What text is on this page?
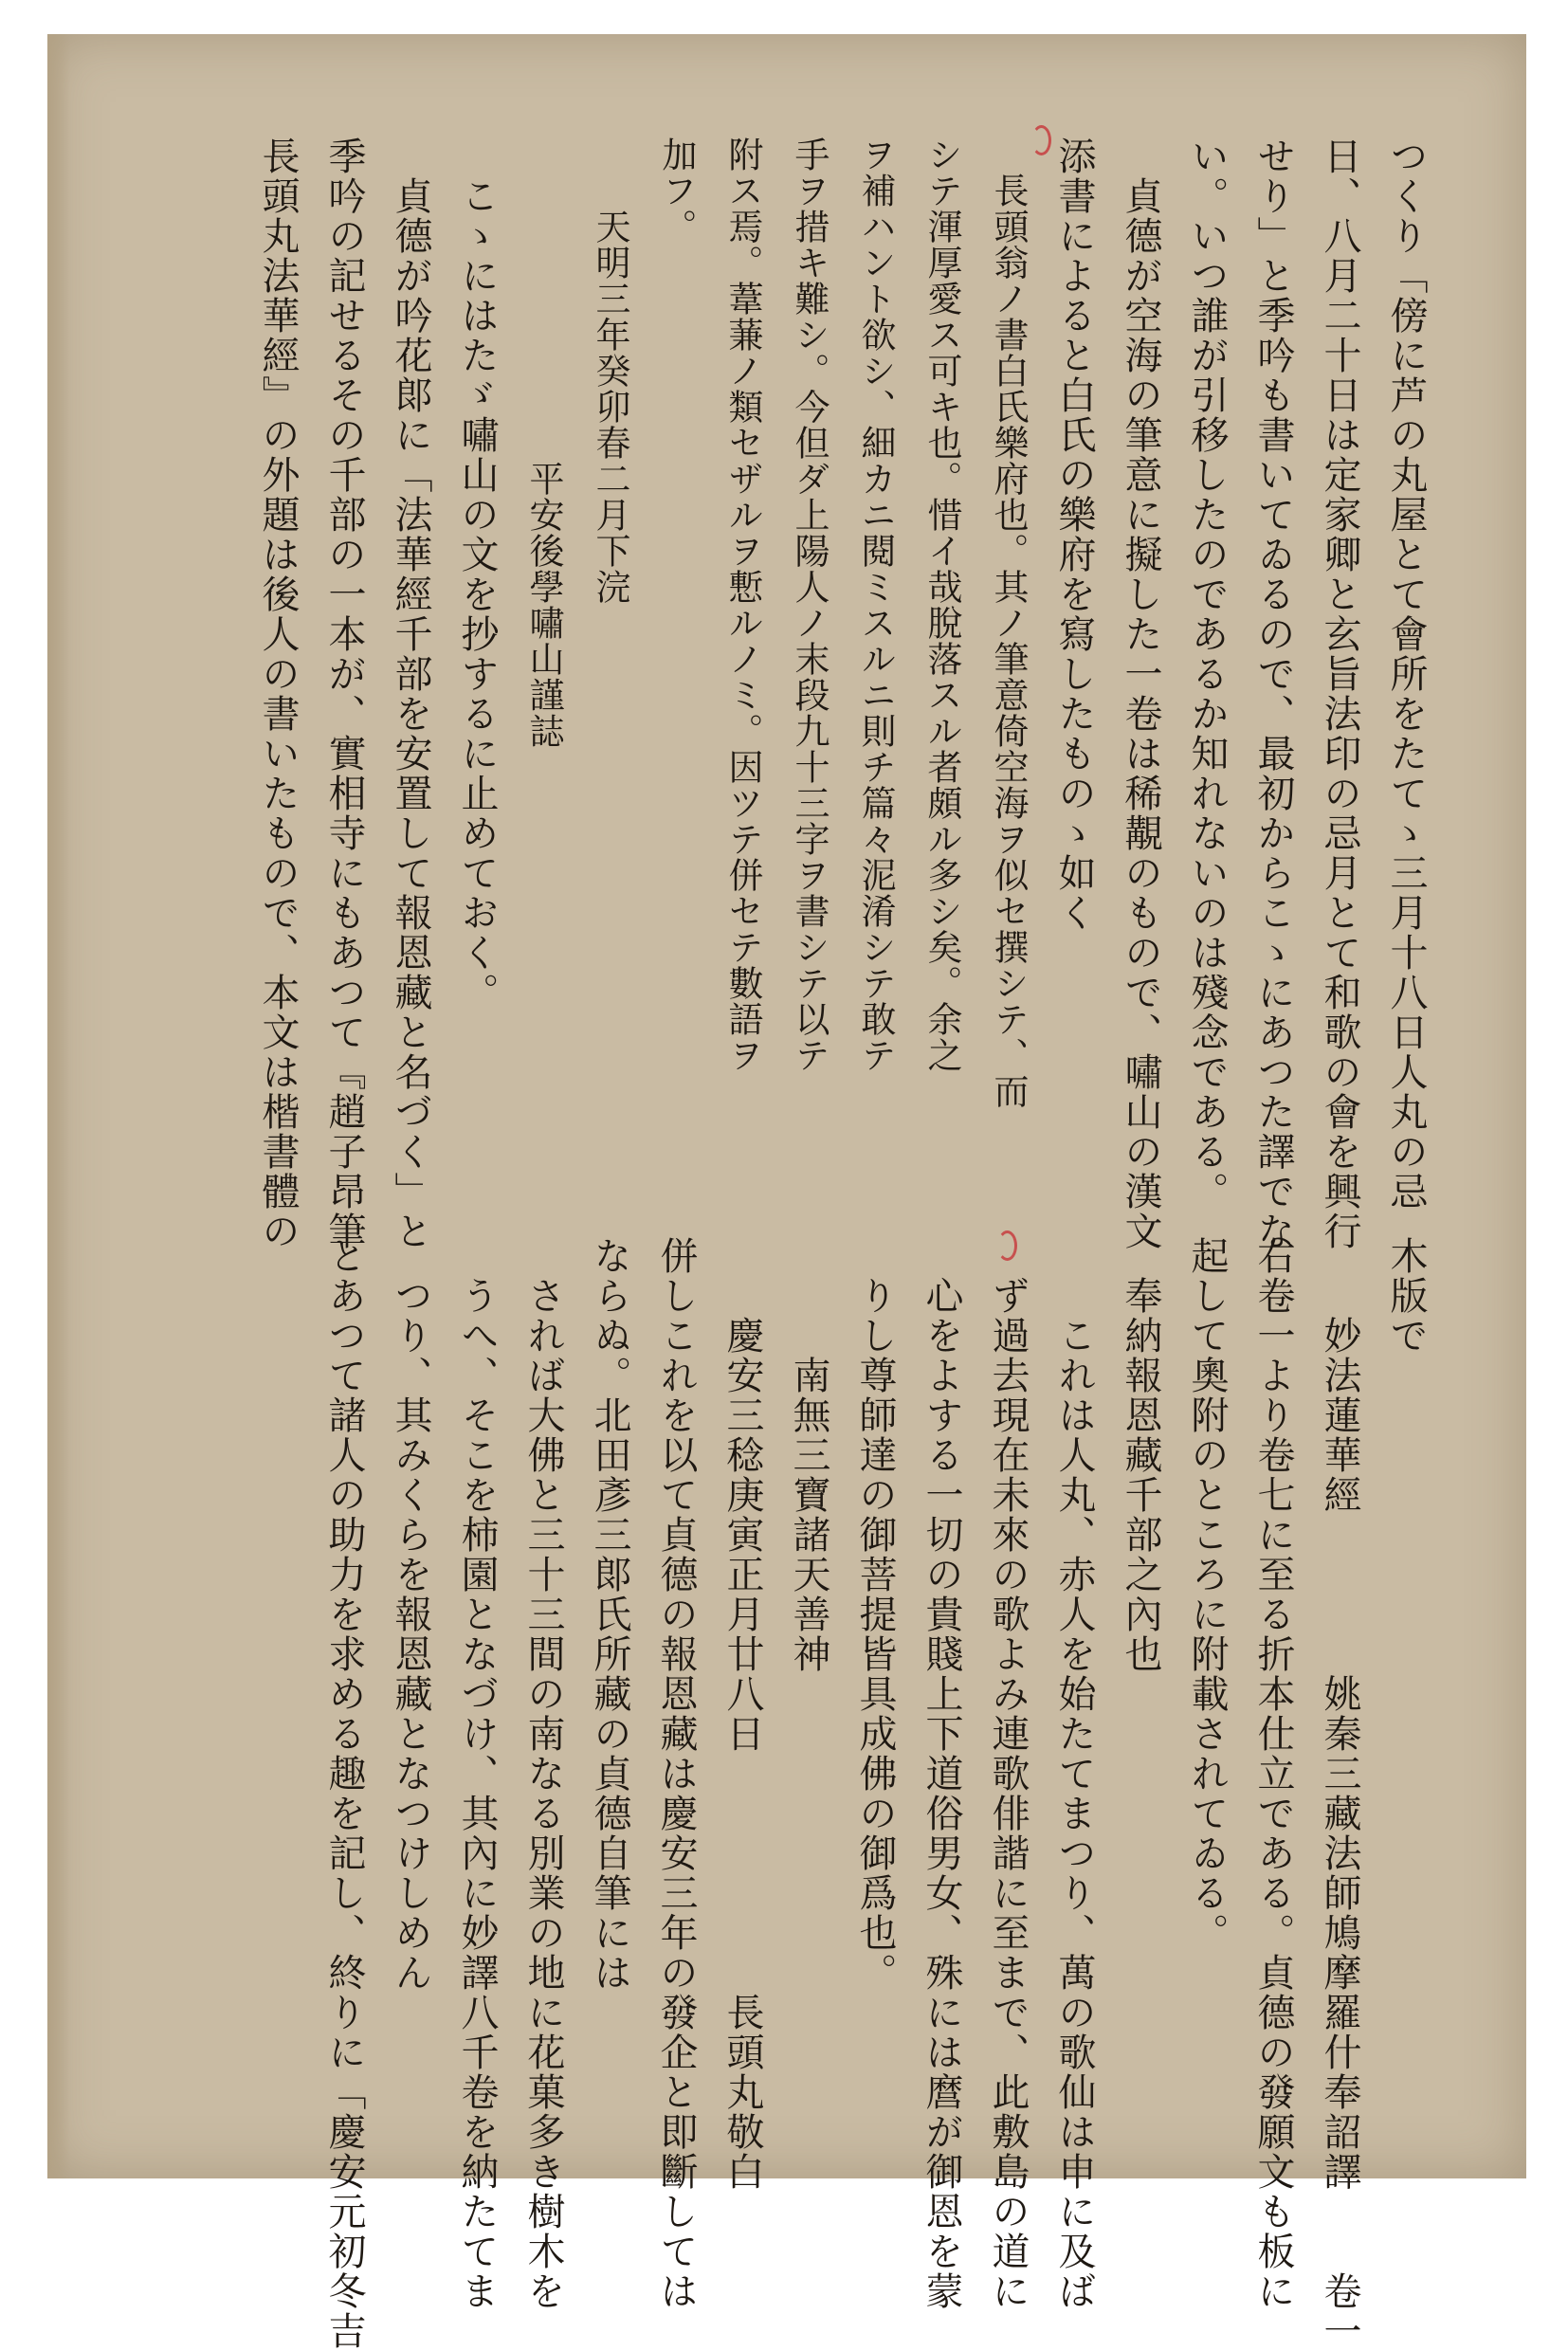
つくり「傍に芦の丸屋とて會所をたてゝ三月十八日人丸の忌

日、八月二十日は定家卿と玄旨法印の忌月とて和歌の會を興行

せり」と季吟も書いてゐるので、最初からこゝにあつた譯でな

い。いつ誰が引移したのであるか知れないのは殘念である。

　貞德が空海の筆意に擬した一卷は稀覯のもので、嘯山の漢文

添書によると白氏の樂府を寫したものゝ如く

　長頭翁ノ書白氏樂府也。其ノ筆意倚空海ヲ似セ撰シテ、而

シテ渾厚愛ス可キ也。惜イ哉脫落スル者頗ル多シ矣。余之

ヲ補ハント欲シ、細カニ閱ミスルニ則チ篇々泥淆シテ敢テ

手ヲ措キ難シ。今但ダ上陽人ノ末段九十三字ヲ書シテ以テ

附ス焉。葦蒹ノ類セザルヲ慙ルノミ。因ツテ併セテ數語ヲ

加フ。

　　天明三年癸卯春二月下浣

　　　　　　　　　平安後學嘯山謹誌

　こゝにはたゞ嘯山の文を抄するに止めておく。

　貞德が吟花郞に「法華經千部を安置して報恩藏と名づく」と

季吟の記せるその千部の一本が、實相寺にもあつて『趙子昂筆

長頭丸法華經』の外題は後人の書いたもので、本文は楷書體の

木版で

　　妙法蓮華經　　　　姚秦三藏法師鳩摩羅什奉詔譯　　卷一

右卷一より卷七に至る折本仕立である。貞德の發願文も板に

起して奧附のところに附載されてゐる。

　奉納報恩藏千部之內也

　　これは人丸、赤人を始たてまつり、萬の歌仙は申に及ば

　ず過去現在未來の歌よみ連歌俳諧に至まで、此敷島の道に

　心をよする一切の貴賤上下道俗男女、殊には麿が御恩を蒙

　りし尊師達の御菩提皆具成佛の御爲也。

　　　南無三寶諸天善神

　　慶安三稔庚寅正月廿八日　　　　　　長頭丸敬白

併しこれを以て貞德の報恩藏は慶安三年の發企と即斷しては

ならぬ。北田彥三郞氏所藏の貞德自筆には

　されば大佛と三十三間の南なる別業の地に花菓多き樹木を

　うへ、そこを柿園となづけ、其內に妙譯八千卷を納たてま

　つり、其みくらを報恩藏となつけしめん

とあつて諸人の助力を求める趣を記し、終りに「慶安元初冬吉
